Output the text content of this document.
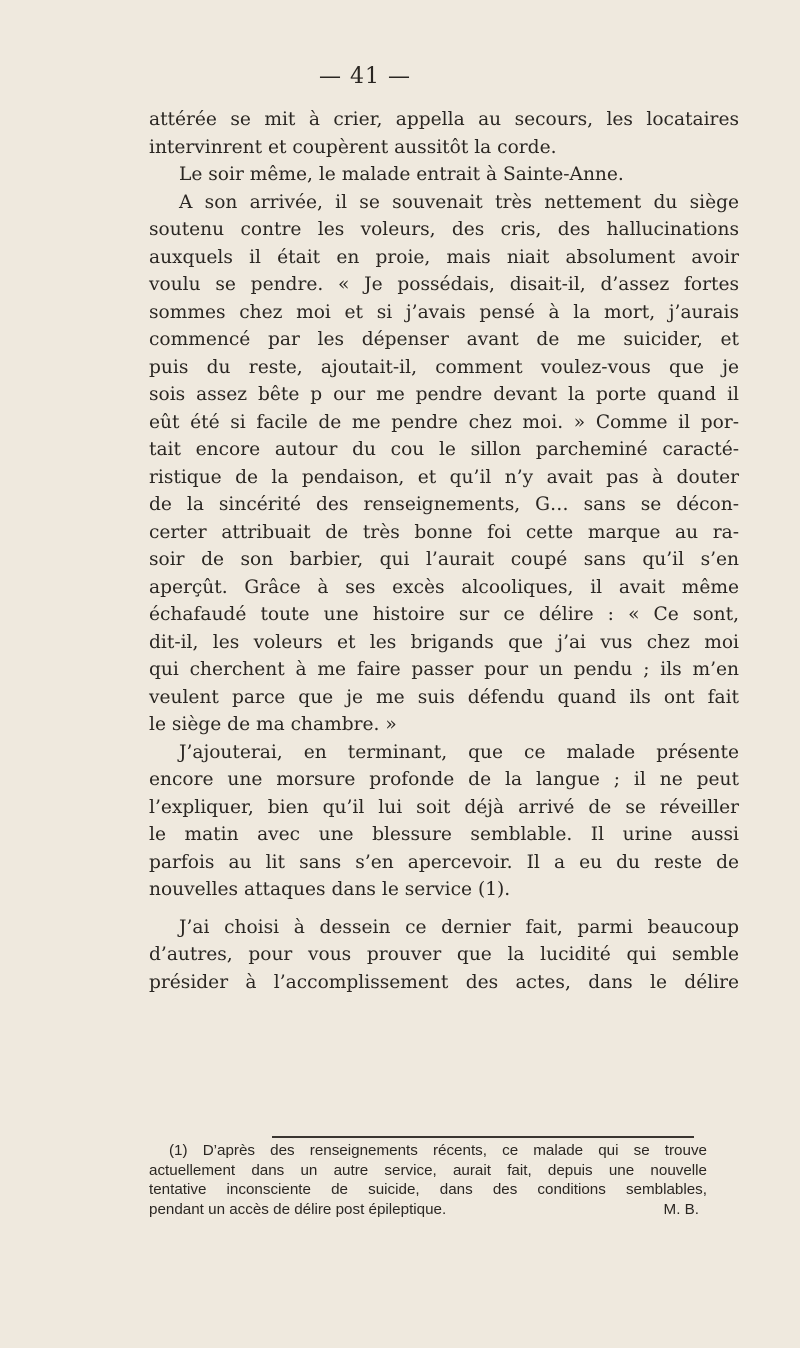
— 41 —
attérée se mit à crier, appella au secours, les locataires
intervinrent et coupèrent aussitôt la corde.
Le soir même, le malade entrait à Sainte-Anne.
A son arrivée, il se souvenait très nettement du siège
soutenu contre les voleurs, des cris, des hallucinations
auxquels il était en proie, mais niait absolument avoir
voulu se pendre. « Je possédais, disait-il, d’assez fortes
sommes chez moi et si j’avais pensé à la mort, j’aurais
commencé par les dépenser avant de me suicider, et
puis du reste, ajoutait-il, comment voulez-vous que je
sois assez bête p our me pendre devant la porte quand il
eût été si facile de me pendre chez moi. » Comme il por-
tait encore autour du cou le sillon parcheminé caracté-
ristique de la pendaison, et qu’il n’y avait pas à douter
de la sincérité des renseignements, G… sans se décon-
certer attribuait de très bonne foi cette marque au ra-
soir de son barbier, qui l’aurait coupé sans qu’il s’en
aperçût. Grâce à ses excès alcooliques, il avait même
échafaudé toute une histoire sur ce délire : « Ce sont,
dit-il, les voleurs et les brigands que j’ai vus chez moi
qui cherchent à me faire passer pour un pendu ; ils m’en
veulent parce que je me suis défendu quand ils ont fait
le siège de ma chambre. »
J’ajouterai, en terminant, que ce malade présente
encore une morsure profonde de la langue ; il ne peut
l’expliquer, bien qu’il lui soit déjà arrivé de se réveiller
le matin avec une blessure semblable. Il urine aussi
parfois au lit sans s’en apercevoir. Il a eu du reste de
nouvelles attaques dans le service (1).
J’ai choisi à dessein ce dernier fait, parmi beaucoup
d’autres, pour vous prouver que la lucidité qui semble
présider à l’accomplissement des actes, dans le délire
(1) D’après des renseignements récents, ce malade qui se trouve
actuellement dans un autre service, aurait fait, depuis une nouvelle
tentative inconsciente de suicide, dans des conditions semblables,
pendant un accès de délire post épileptique.	M. B.
